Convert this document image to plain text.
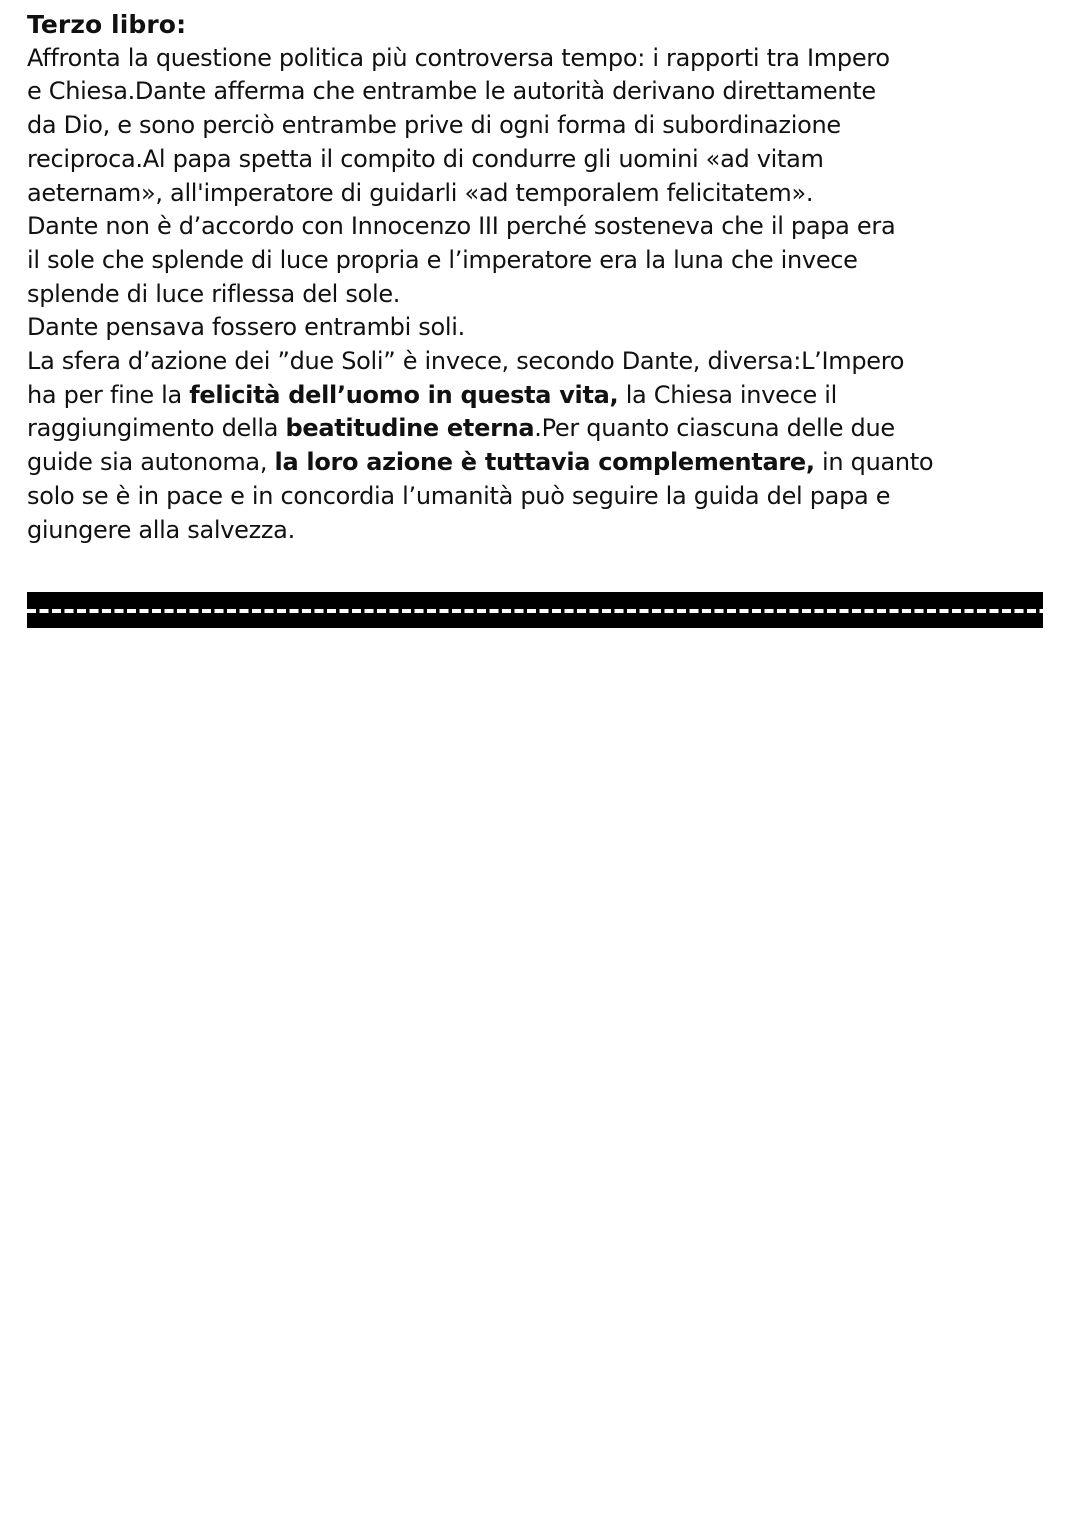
Terzo libro:

Affronta la questione politica più controversa tempo: i rapporti tra Impero
e Chiesa.Dante afferma che entrambe le autorità derivano direttamente
da Dio, e sono perciò entrambe prive di ogni forma di subordinazione
reciproca.Al papa spetta il compito di condurre gli uomini «ad vitam
aeternam», all'imperatore di guidarli «ad temporalem felicitatem».
Dante non è d’accordo con Innocenzo III perché sosteneva che il papa era
il sole che splende di luce propria e l’imperatore era la luna che invece
splende di luce riflessa del sole.
Dante pensava fossero entrambi soli.
La sfera d’azione dei ”due Soli” è invece, secondo Dante, diversa:L’Impero
ha per fine la felicità dell’uomo in questa vita, la Chiesa invece il
raggiungimento della beatitudine eterna.Per quanto ciascuna delle due
guide sia autonoma, la loro azione è tuttavia complementare, in quanto
solo se è in pace e in concordia l’umanità può seguire la guida del papa e
giungere alla salvezza.
